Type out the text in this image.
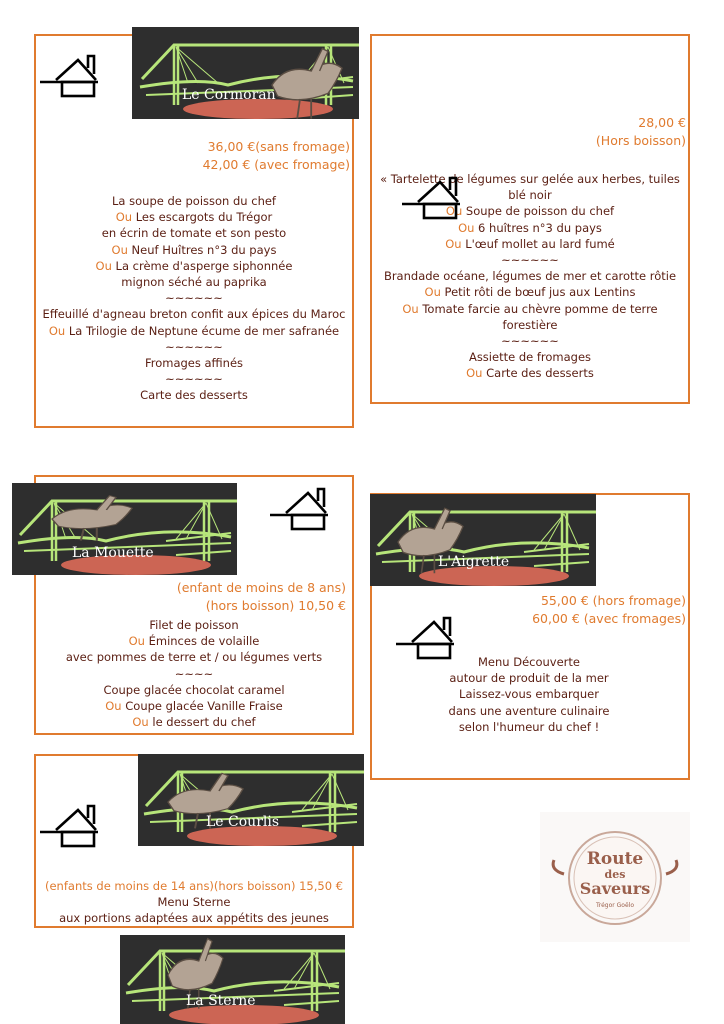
Le Cormoran
36,00 €(sans fromage)
42,00 € (avec fromage)
La soupe de poisson du chef
Ou Les escargots du Trégor
en écrin de tomate et son pesto
Ou Neuf Huîtres n°3 du pays
Ou La crème d'asperge siphonnée
mignon séché au paprika
~~~~~~
Effeuillé d'agneau breton confit aux épices du Maroc
Ou La Trilogie de Neptune écume de mer safranée
~~~~~~
Fromages affinés
~~~~~~
Carte des desserts
28,00 €
(Hors boisson)
« Tartelette de légumes sur gelée aux herbes, tuiles
blé noir
Ou Soupe de poisson du chef
Ou 6 huîtres n°3 du pays
Ou L'œuf mollet au lard fumé
~~~~~~
Brandade océane, légumes de mer et carotte rôtie
Ou Petit rôti de bœuf jus aux Lentins
Ou Tomate farcie au chèvre pomme de terre
forestière
~~~~~~
Assiette de fromages
Ou Carte des desserts
La Mouette
(enfant de moins de 8 ans)
(hors boisson) 10,50 €
Filet de poisson
Ou Éminces de volaille
avec pommes de terre et / ou légumes verts
~~~~
Coupe glacée chocolat caramel
Ou Coupe glacée Vanille Fraise
Ou le dessert du chef
L'Aigrette
55,00 € (hors fromage)
60,00 € (avec fromages)
Menu Découverte
autour de produit de la mer
Laissez-vous embarquer
dans une aventure culinaire
selon l'humeur du chef !
Le Courlis
(enfants de moins de 14 ans)(hors boisson) 15,50 €
Menu Sterne
aux portions adaptées aux appétits des jeunes
La Sterne
Route
des
Saveurs
Trégor Goëlo
